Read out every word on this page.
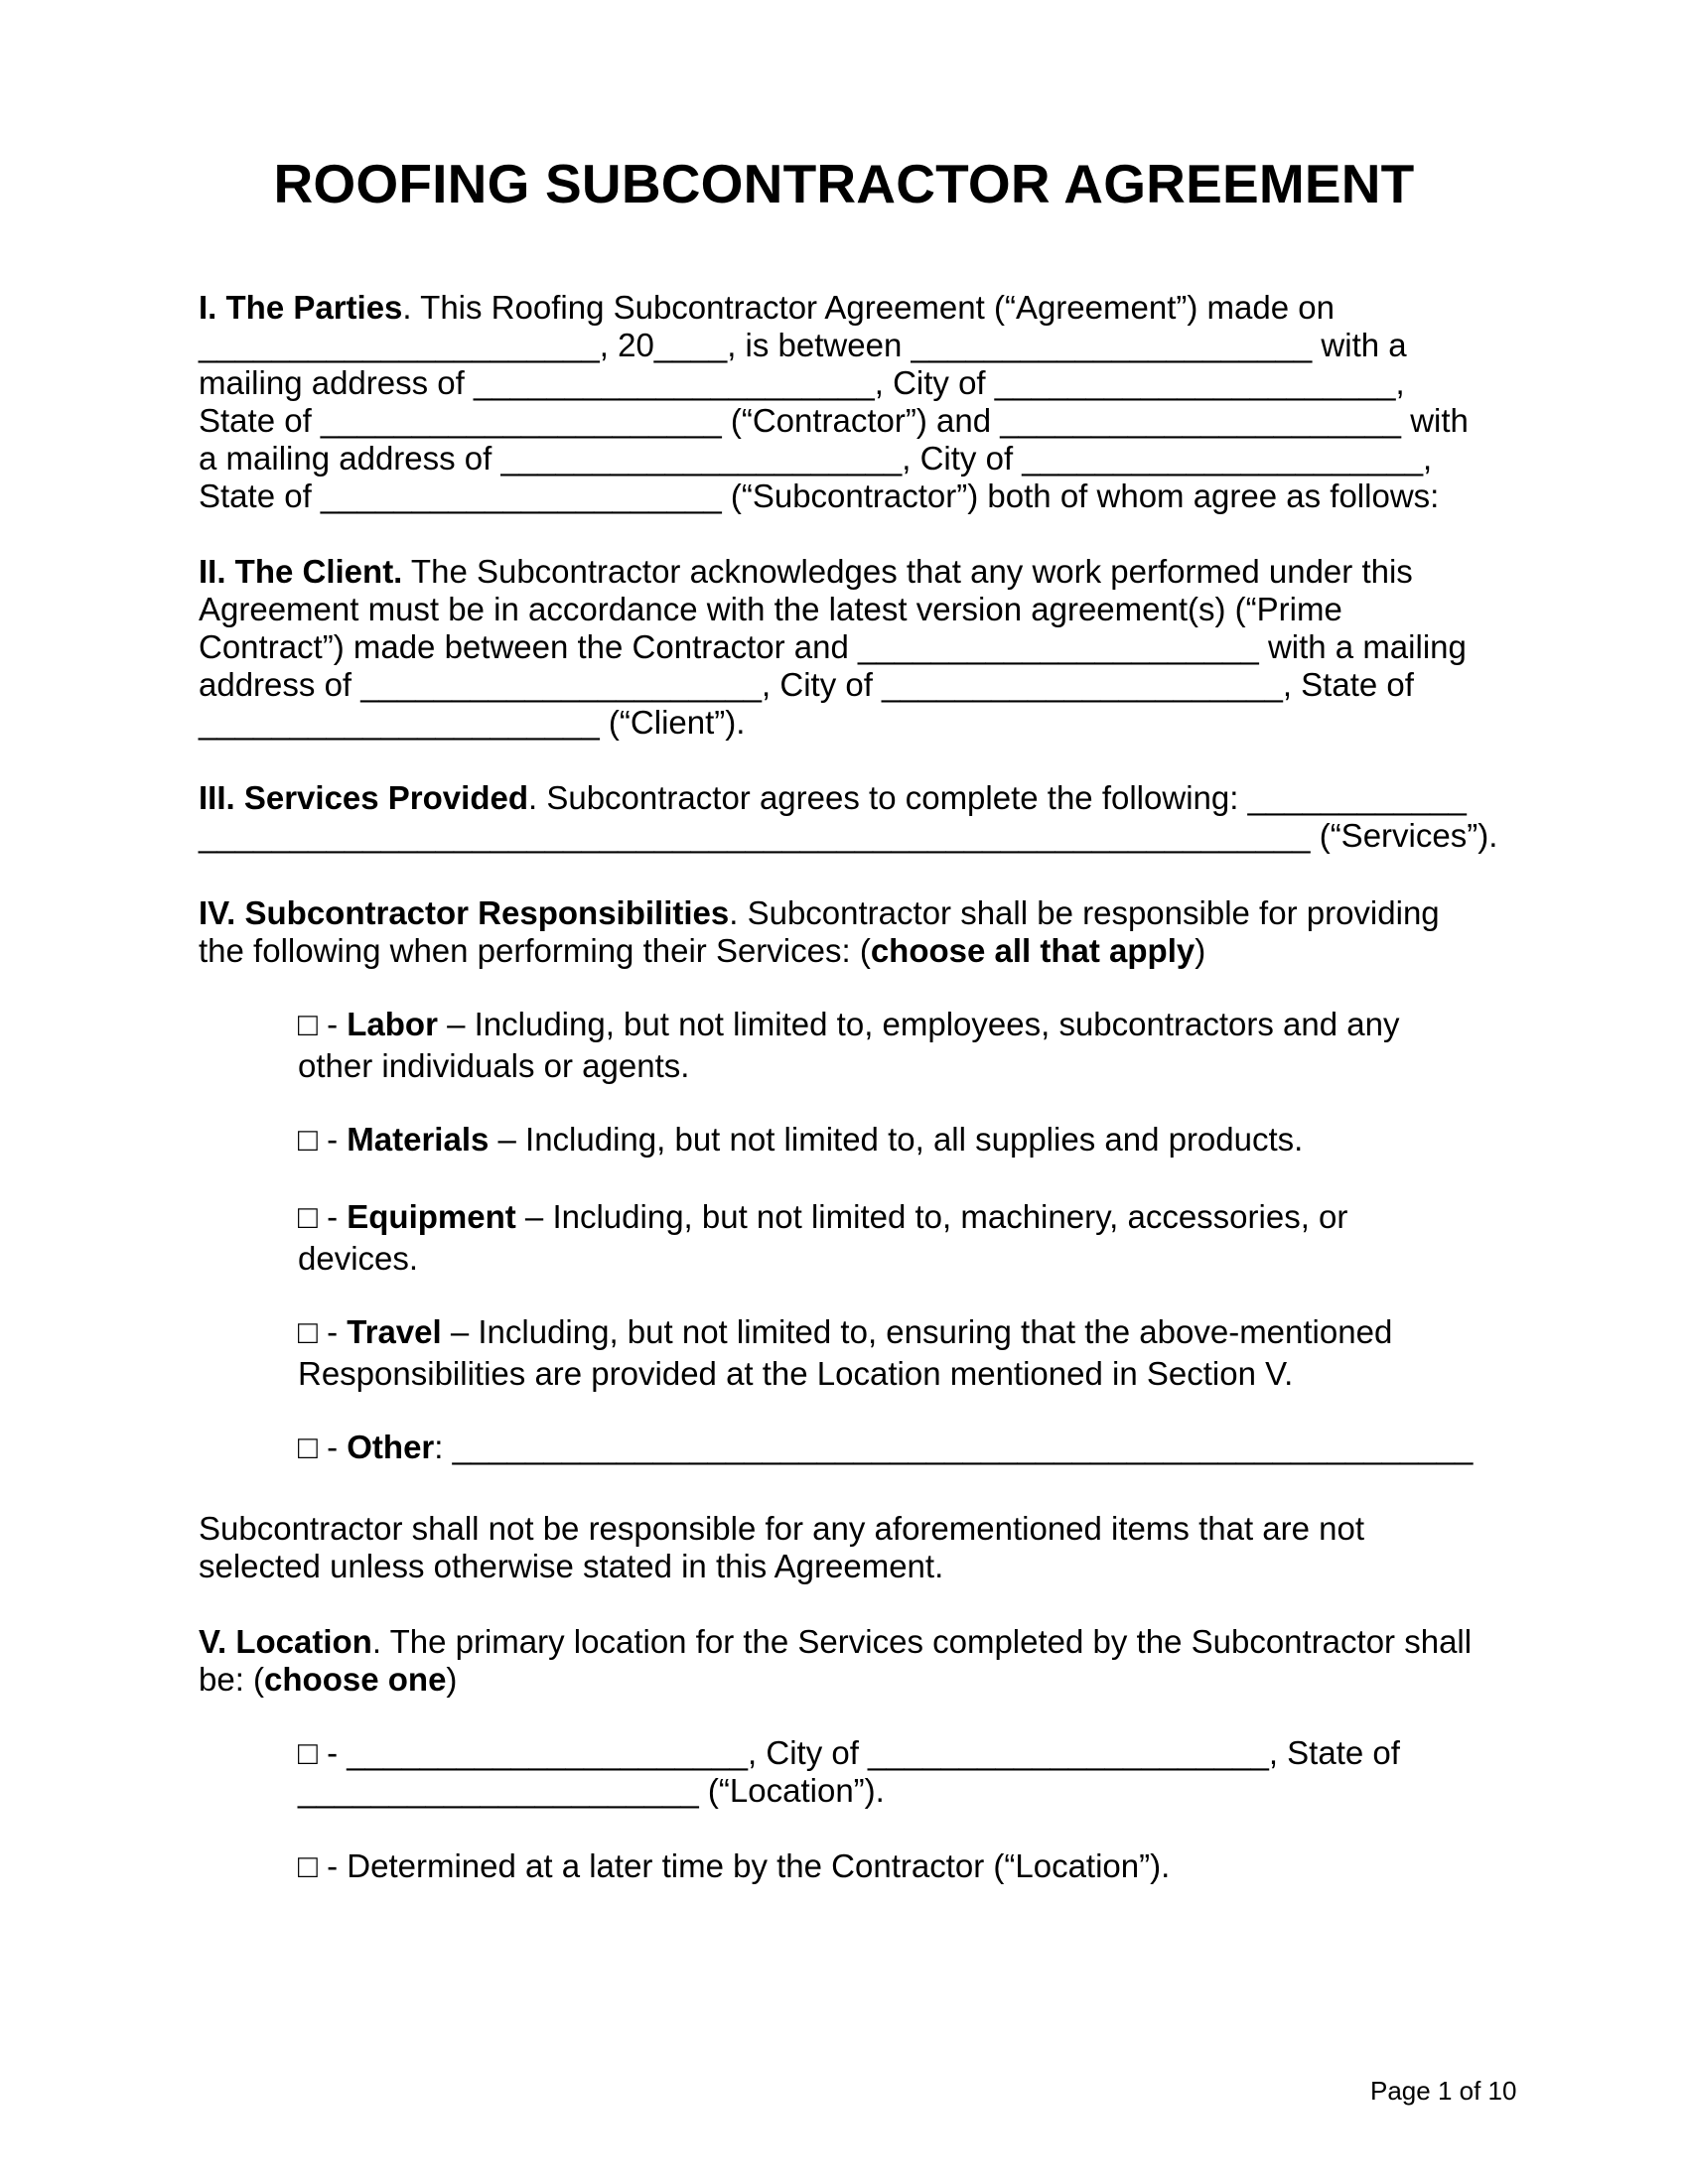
ROOFING SUBCONTRACTOR AGREEMENT
I. The Parties. This Roofing Subcontractor Agreement (“Agreement”) made on
______________________, 20____, is between ______________________ with a
mailing address of ______________________, City of ______________________,
State of ______________________ (“Contractor”) and ______________________ with
a mailing address of ______________________, City of ______________________,
State of ______________________ (“Subcontractor”) both of whom agree as follows:
II. The Client. The Subcontractor acknowledges that any work performed under this
Agreement must be in accordance with the latest version agreement(s) (“Prime
Contract”) made between the Contractor and ______________________ with a mailing
address of ______________________, City of ______________________, State of
______________________ (“Client”).
III. Services Provided. Subcontractor agrees to complete the following: ____________
_____________________________________________________________ (“Services”).
IV. Subcontractor Responsibilities. Subcontractor shall be responsible for providing
the following when performing their Services: (choose all that apply)
□ - Labor – Including, but not limited to, employees, subcontractors and any
other individuals or agents.
□ - Materials – Including, but not limited to, all supplies and products.
□ - Equipment – Including, but not limited to, machinery, accessories, or
devices.
□ - Travel – Including, but not limited to, ensuring that the above-mentioned
Responsibilities are provided at the Location mentioned in Section V.
□ - Other: ________________________________________________________
Subcontractor shall not be responsible for any aforementioned items that are not
selected unless otherwise stated in this Agreement.
V. Location. The primary location for the Services completed by the Subcontractor shall
be: (choose one)
□ - ______________________, City of ______________________, State of
______________________ (“Location”).
□ - Determined at a later time by the Contractor (“Location”).
Page 1 of 10
